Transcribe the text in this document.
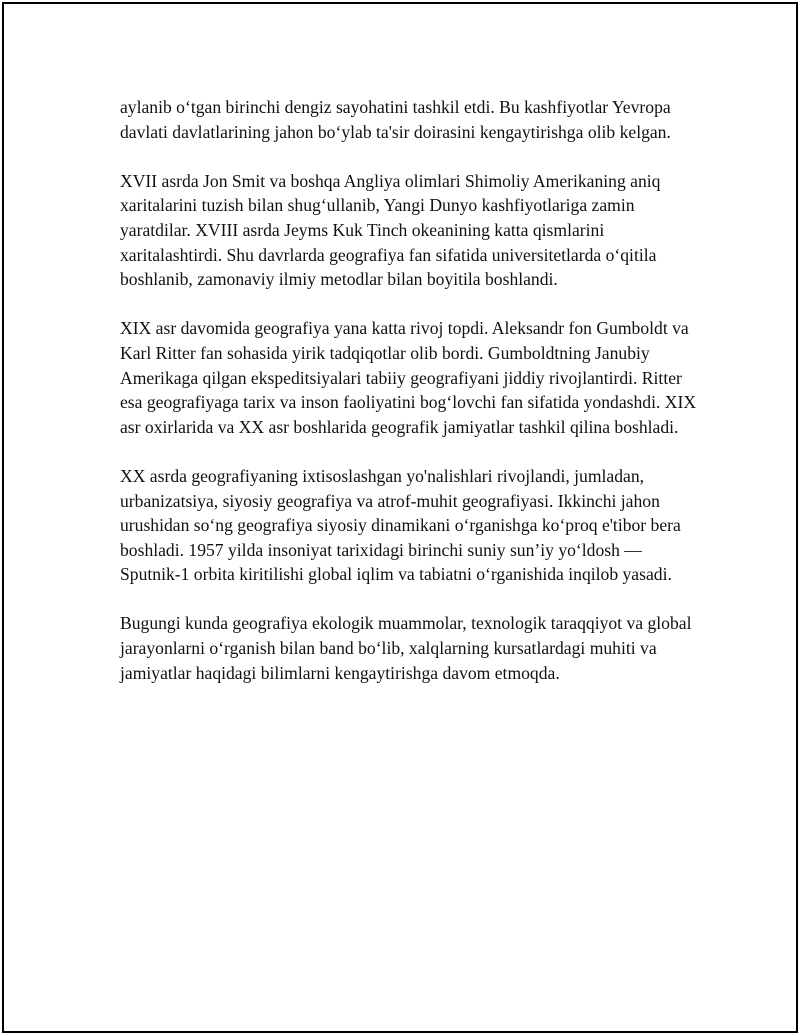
aylanib o‘tgan birinchi dengiz sayohatini tashkil etdi. Bu kashfiyotlar Yevropa davlati davlatlarining jahon bo‘ylab ta'sir doirasini kengaytirishga olib kelgan.

XVII asrda Jon Smit va boshqa Angliya olimlari Shimoliy Amerikaning aniq xaritalarini tuzish bilan shug‘ullanib, Yangi Dunyo kashfiyotlariga zamin yaratdilar. XVIII asrda Jeyms Kuk Tinch okeanining katta qismlarini xaritalashtirdi. Shu davrlarda geografiya fan sifatida universitetlarda o‘qitila boshlanib, zamonaviy ilmiy metodlar bilan boyitila boshlandi.

XIX asr davomida geografiya yana katta rivoj topdi. Aleksandr fon Gumboldt va Karl Ritter fan sohasida yirik tadqiqotlar olib bordi. Gumboldtning Janubiy Amerikaga qilgan ekspeditsiyalari tabiiy geografiyani jiddiy rivojlantirdi. Ritter esa geografiyaga tarix va inson faoliyatini bog‘lovchi fan sifatida yondashdi. XIX asr oxirlarida va XX asr boshlarida geografik jamiyatlar tashkil qilina boshladi.

XX asrda geografiyaning ixtisoslashgan yo'nalishlari rivojlandi, jumladan, urbanizatsiya, siyosiy geografiya va atrof-muhit geografiyasi. Ikkinchi jahon urushidan so‘ng geografiya siyosiy dinamikani o‘rganishga ko‘proq e'tibor bera boshladi. 1957 yilda insoniyat tarixidagi birinchi suniy sun’iy yo‘ldosh — Sputnik-1 orbita kiritilishi global iqlim va tabiatni o‘rganishida inqilob yasadi.

Bugungi kunda geografiya ekologik muammolar, texnologik taraqqiyot va global jarayonlarni o‘rganish bilan band bo‘lib, xalqlarning kursatlardagi muhiti va jamiyatlar haqidagi bilimlarni kengaytirishga davom etmoqda.
